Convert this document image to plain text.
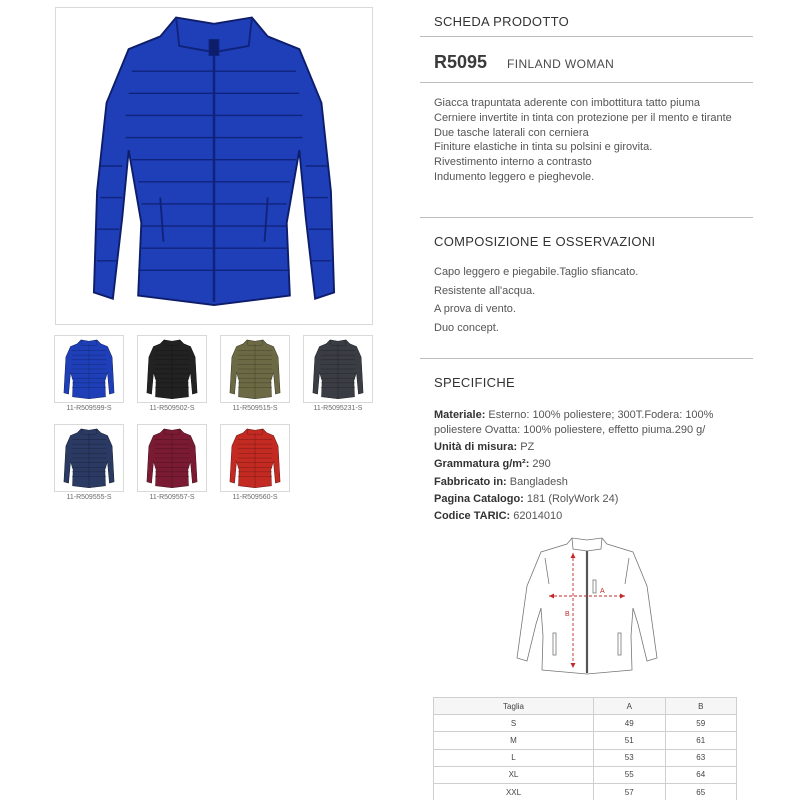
11-R509599-S	11-R509502-S	11-R509515-S	11-R5095231-S
11-R509555-S	11-R509557-S	11-R509560-S
SCHEDA PRODOTTO
R5095 FINLAND WOMAN
Giacca trapuntata aderente con imbottitura tatto piuma
Cerniere invertite in tinta con protezione per il mento e tirante
Due tasche laterali con cerniera
Finiture elastiche in tinta su polsini e girovita.
Rivestimento interno a contrasto
Indumento leggero e pieghevole.
COMPOSIZIONE E OSSERVAZIONI
Capo leggero e piegabile.Taglio sfiancato.
Resistente all'acqua.
A prova di vento.
Duo concept.
SPECIFICHE
Materiale: Esterno: 100% poliestere; 300T.Fodera: 100% poliestere Ovatta: 100% poliestere, effetto piuma.290 g/
Unità di misura: PZ
Grammatura g/m²: 290
Fabbricato in: Bangladesh
Pagina Catalogo: 181 (RolyWork 24)
Codice TARIC: 62014010
A
B
Taglia	A	B
S	49	59
M	51	61
L	53	63
XL	55	64
XXL	57	65
